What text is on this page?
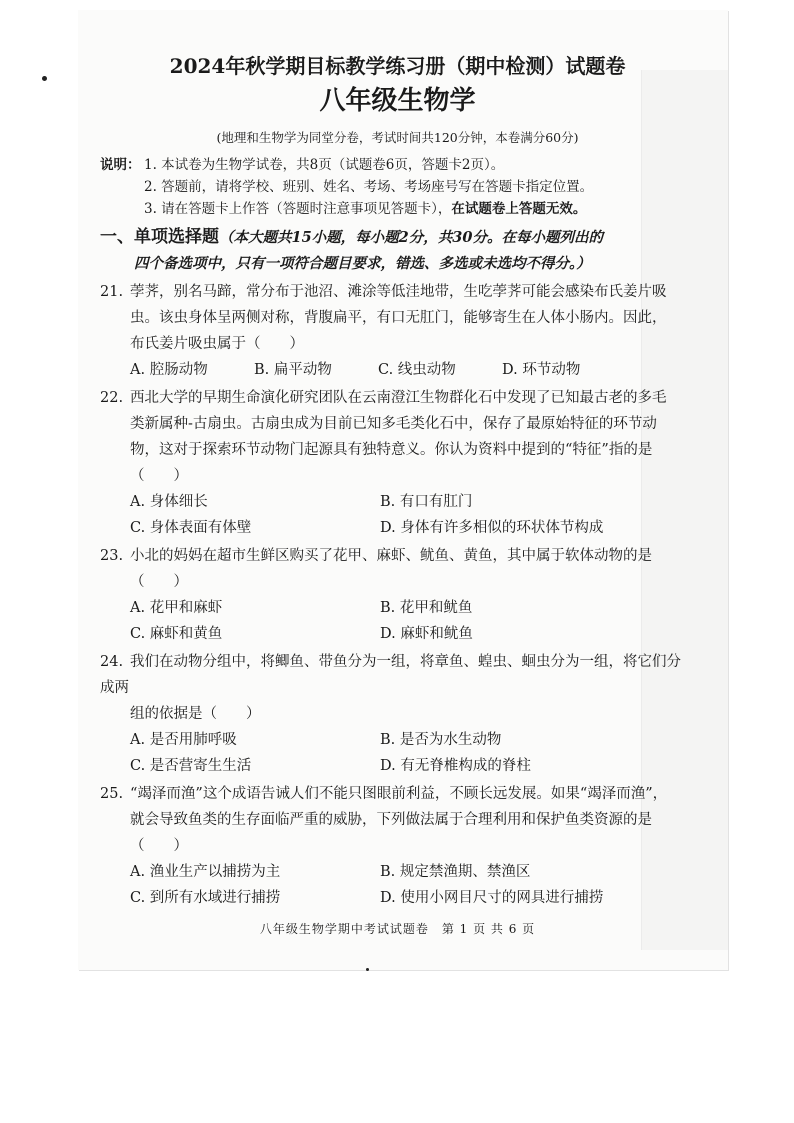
2024年秋学期目标教学练习册（期中检测）试题卷
八年级生物学
(地理和生物学为同堂分卷，考试时间共120分钟，本卷满分60分)
说明： 1. 本试卷为生物学试卷，共8页（试题卷6页，答题卡2页）。
2. 答题前，请将学校、班别、姓名、考场、考场座号写在答题卡指定位置。
3. 请在答题卡上作答（答题时注意事项见答题卡），在试题卷上答题无效。
一、单项选择题（本大题共15小题，每小题2分，共30分。在每小题列出的
四个备选项中，只有一项符合题目要求，错选、多选或未选均不得分。）
21. 荸荠，别名马蹄，常分布于池沼、滩涂等低洼地带，生吃荸荠可能会感染布氏姜片吸
虫。该虫身体呈两侧对称，背腹扁平，有口无肛门，能够寄生在人体小肠内。因此，
布氏姜片吸虫属于（　　）
A. 腔肠动物	B. 扁平动物	C. 线虫动物	D. 环节动物
22. 西北大学的早期生命演化研究团队在云南澄江生物群化石中发现了已知最古老的多毛
类新属种-古扇虫。古扇虫成为目前已知多毛类化石中，保存了最原始特征的环节动
物，这对于探索环节动物门起源具有独特意义。你认为资料中提到的“特征”指的是
（　　）
A. 身体细长	B. 有口有肛门
C. 身体表面有体壁	D. 身体有许多相似的环状体节构成
23. 小北的妈妈在超市生鲜区购买了花甲、麻虾、鱿鱼、黄鱼，其中属于软体动物的是
（　　）
A. 花甲和麻虾	B. 花甲和鱿鱼
C. 麻虾和黄鱼	D. 麻虾和鱿鱼
24. 我们在动物分组中，将鲫鱼、带鱼分为一组，将章鱼、蝗虫、蛔虫分为一组，将它们分成两
组的依据是（　　）
A. 是否用肺呼吸	B. 是否为水生动物
C. 是否营寄生生活	D. 有无脊椎构成的脊柱
25. “竭泽而渔”这个成语告诫人们不能只图眼前利益，不顾长远发展。如果“竭泽而渔”，
就会导致鱼类的生存面临严重的威胁，下列做法属于合理利用和保护鱼类资源的是
（　　）
A. 渔业生产以捕捞为主	B. 规定禁渔期、禁渔区
C. 到所有水域进行捕捞	D. 使用小网目尺寸的网具进行捕捞
八年级生物学期中考试试题卷　第 1 页 共 6 页
